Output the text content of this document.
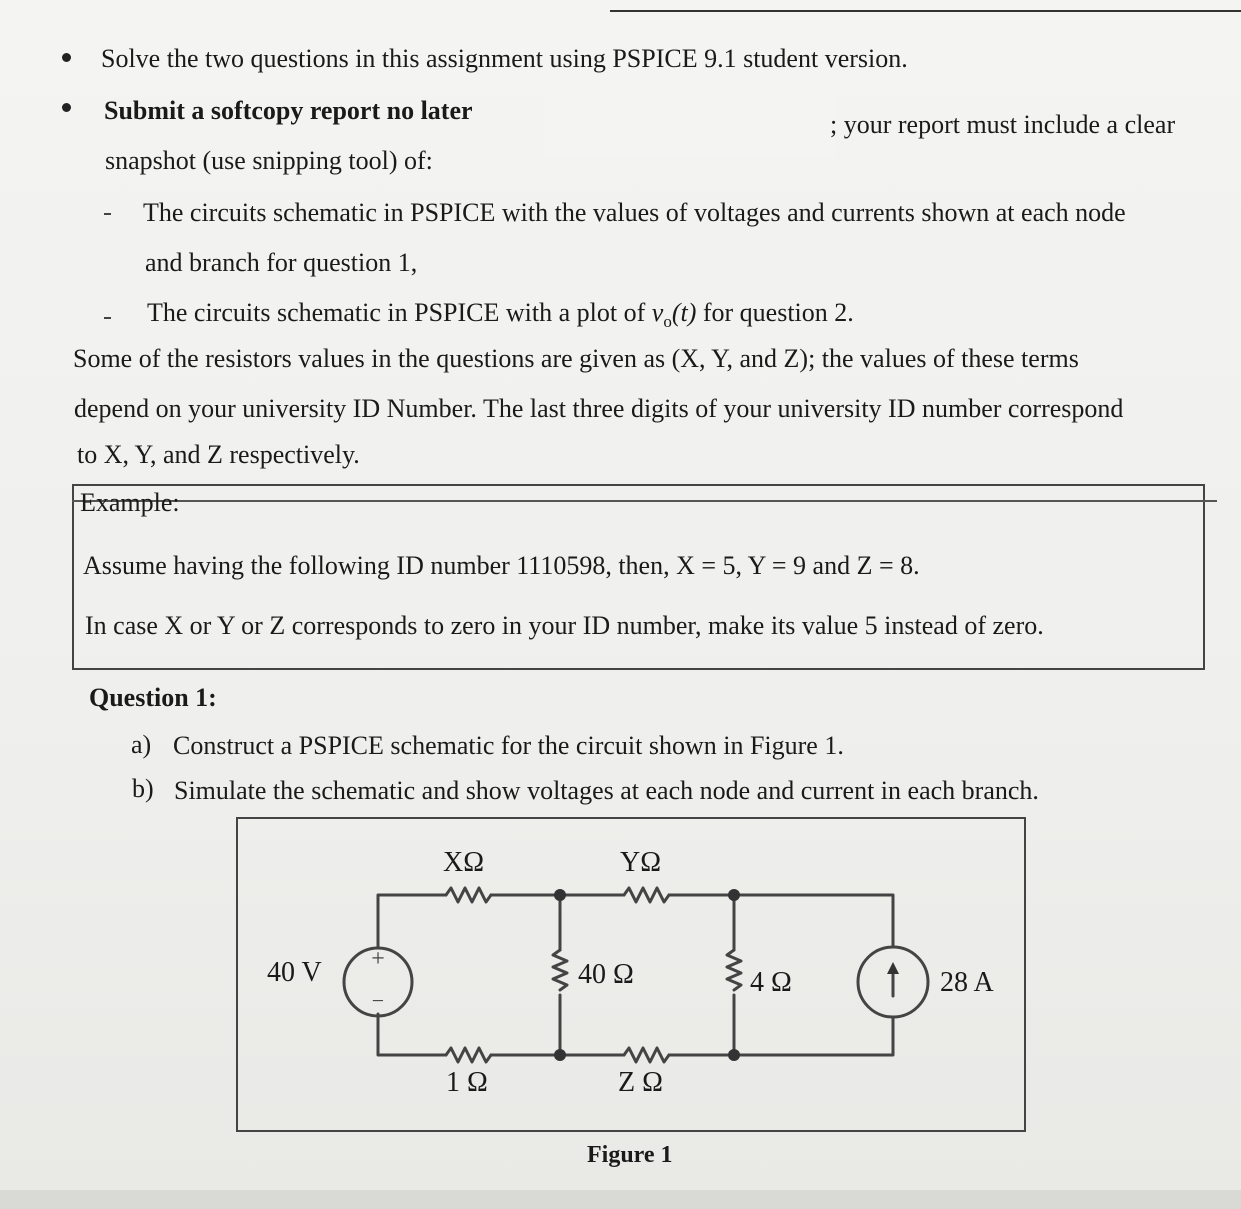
Solve the two questions in this assignment using PSPICE 9.1 student version.
Submit a softcopy report no later	; your report must include a clear
snapshot (use snipping tool) of:
The circuits schematic in PSPICE with the values of voltages and currents shown at each node
and branch for question 1,
The circuits schematic in PSPICE with a plot of $v_o(t)$ for question 2.
Some of the resistors values in the questions are given as (X, Y, and Z); the values of these terms
depend on your university ID Number. The last three digits of your university ID number correspond
to X, Y, and Z respectively.
Example:
Assume having the following ID number 1110598, then, X = 5, Y = 9 and Z = 8.
In case X or Y or Z corresponds to zero in your ID number, make its value 5 instead of zero.
Question 1:
a) Construct a PSPICE schematic for the circuit shown in Figure 1.
b) Simulate the schematic and show voltages at each node and current in each branch.
+
−
XΩ	YΩ
40 V	40 Ω	4 Ω	28 A
1 Ω	Z Ω
Figure 1
